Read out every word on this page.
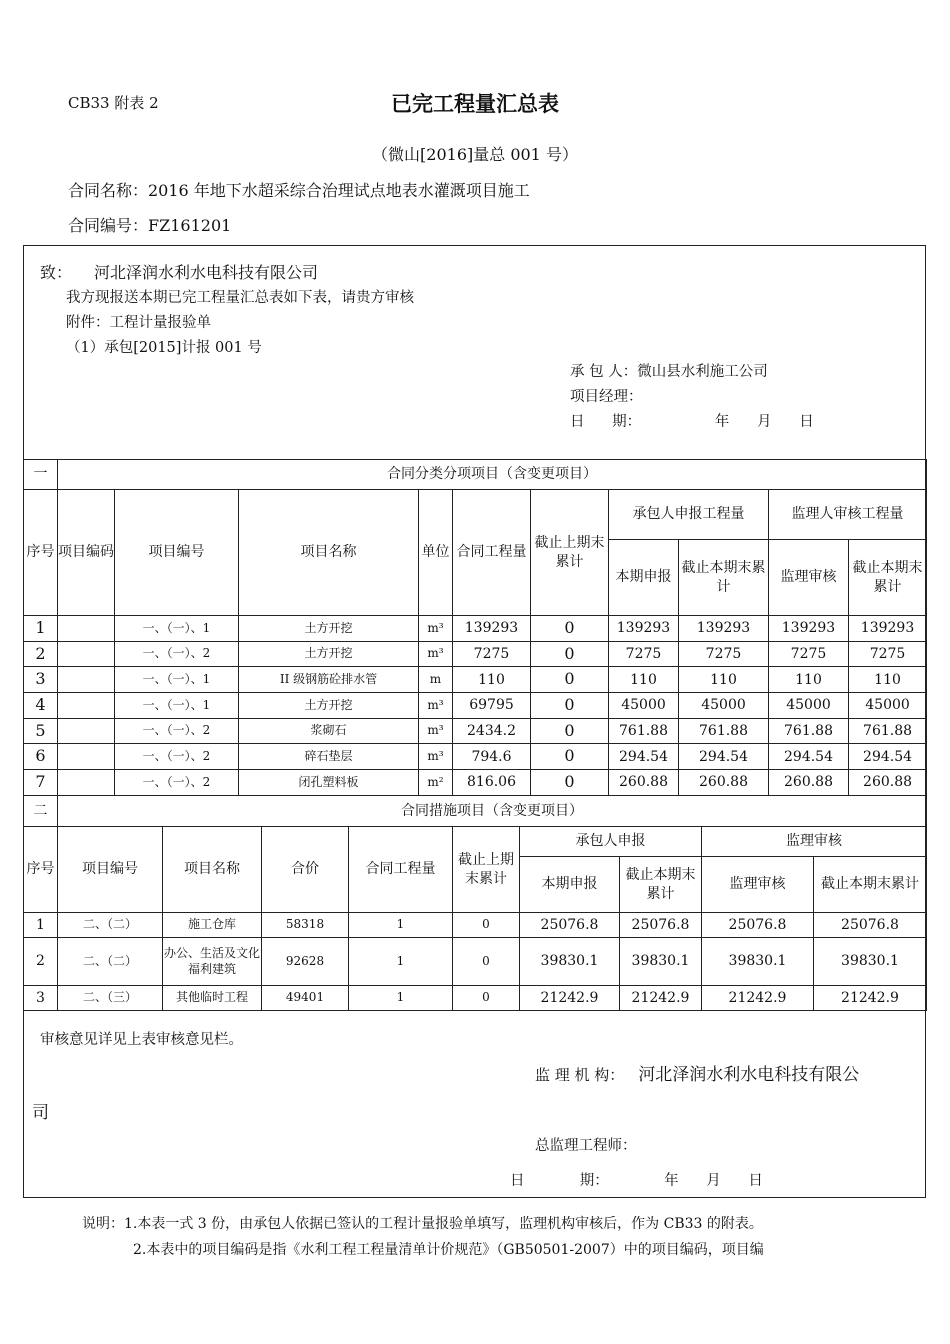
CB33 附表 2	已完工程量汇总表
（微山[2016]量总 001 号）
合同名称：2016 年地下水超采综合治理试点地表水灌溉项目施工
合同编号：FZ161201
致： 河北泽润水利水电科技有限公司
我方现报送本期已完工程量汇总表如下表，请贵方审核
附件：工程计量报验单
（1）承包[2015]计报 001 号
承 包 人：微山县水利施工公司
项目经理：
日      期：                年      月      日
一	合同分类分项项目（含变更项目）									
序号	项目编码	项目编号	项目名称	单位	合同工程量	截止上期末累计	承包人申报工程量		监理人审核工程量	
							本期申报	截止本期末累计	监理审核	截止本期末累计
1		一、（一）、1	土方开挖	m³	139293	0	139293	139293	139293	139293
2		一、（一）、2	土方开挖	m³	7275	0	7275	7275	7275	7275
3		一、（一）、1	II 级钢筋砼排水管	m	110	0	110	110	110	110
4		一、（一）、1	土方开挖	m³	69795	0	45000	45000	45000	45000
5		一、（一）、2	浆砌石	m³	2434.2	0	761.88	761.88	761.88	761.88
6		一、（一）、2	碎石垫层	m³	794.6	0	294.54	294.54	294.54	294.54
7		一、（一）、2	闭孔塑料板	m²	816.06	0	260.88	260.88	260.88	260.88
二	合同措施项目（含变更项目）									
序号	项目编号	项目名称	合价	合同工程量	截止上期末累计	承包人申报		监理审核	
						本期申报	截止本期末累计	监理审核	截止本期末累计
1	二、（二）	施工仓库	58318	1	0	25076.8	25076.8	25076.8	25076.8
2	二、（二）	办公、生活及文化福利建筑	92628	1	0	39830.1	39830.1	39830.1	39830.1
3	二、（三）	其他临时工程	49401	1	0	21242.9	21242.9	21242.9	21242.9
审核意见详见上表审核意见栏。
监 理 机 构： 河北泽润水利水电科技有限公
司
总监理工程师：
日            期：            年      月      日
说明：1.本表一式 3 份，由承包人依据已签认的工程计量报验单填写，监理机构审核后，作为 CB33 的附表。
2.本表中的项目编码是指《水利工程工程量清单计价规范》（GB50501-2007）中的项目编码，项目编
